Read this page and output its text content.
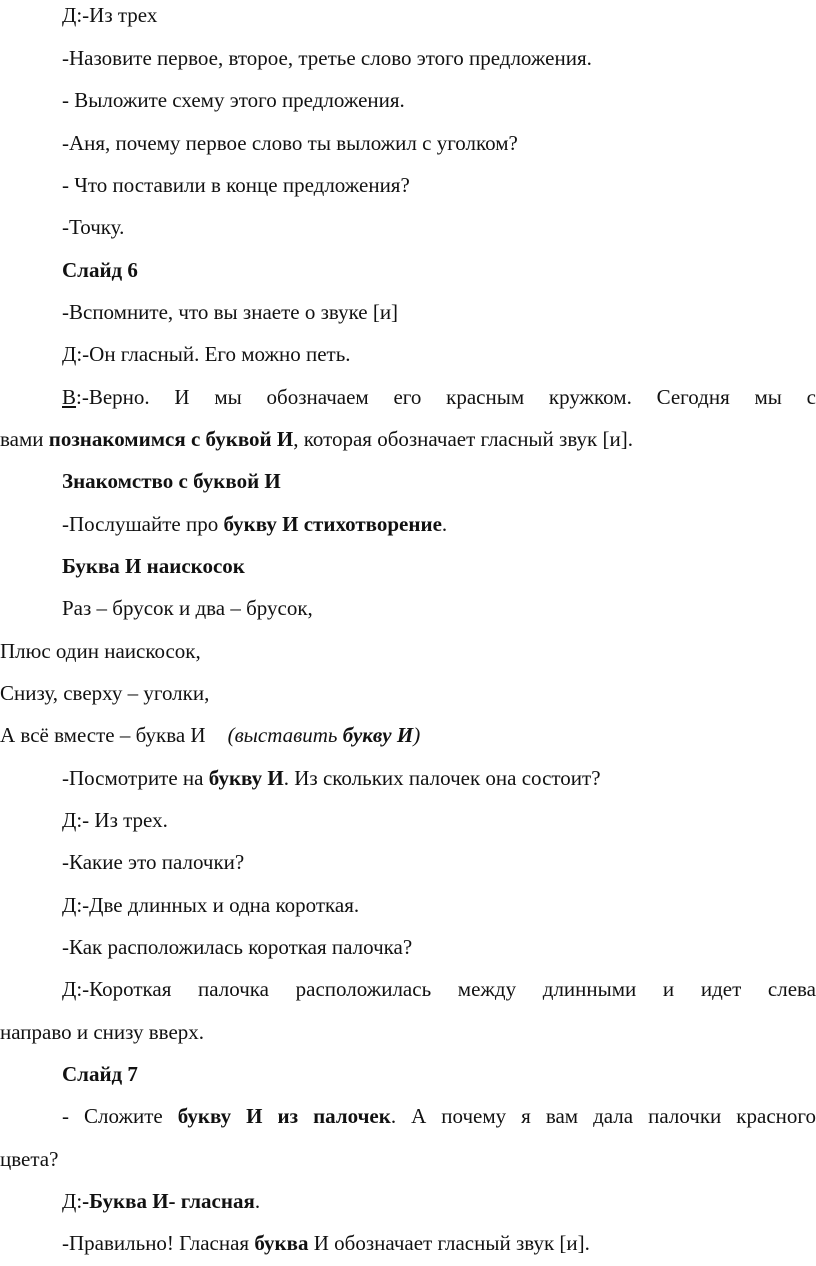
Д:-Из трех
-Назовите первое, второе, третье слово этого предложения.
- Выложите схему этого предложения.
-Аня, почему первое слово ты выложил с уголком?
- Что поставили в конце предложения?
-Точку.
Слайд 6
-Вспомните, что вы знаете о звуке [и]
Д:-Он гласный. Его можно петь.
В:-Верно. И мы обозначаем его красным кружком. Сегодня мы с
вами познакомимся с буквой И, которая обозначает гласный звук [и].
Знакомство с буквой И
-Послушайте про букву И стихотворение.
Буква И наискосок
Раз – брусок и два – брусок,
Плюс один наискосок,
Снизу, сверху – уголки,
А всё вместе – буква И (выставить букву И)
-Посмотрите на букву И. Из скольких палочек она состоит?
Д:- Из трех.
-Какие это палочки?
Д:-Две длинных и одна короткая.
-Как расположилась короткая палочка?
Д:-Короткая палочка расположилась между длинными и идет слева
направо и снизу вверх.
Слайд 7
- Сложите букву И из палочек. А почему я вам дала палочки красного
цвета?
Д:-Буква И- гласная.
-Правильно! Гласная буква И обозначает гласный звук [и].
